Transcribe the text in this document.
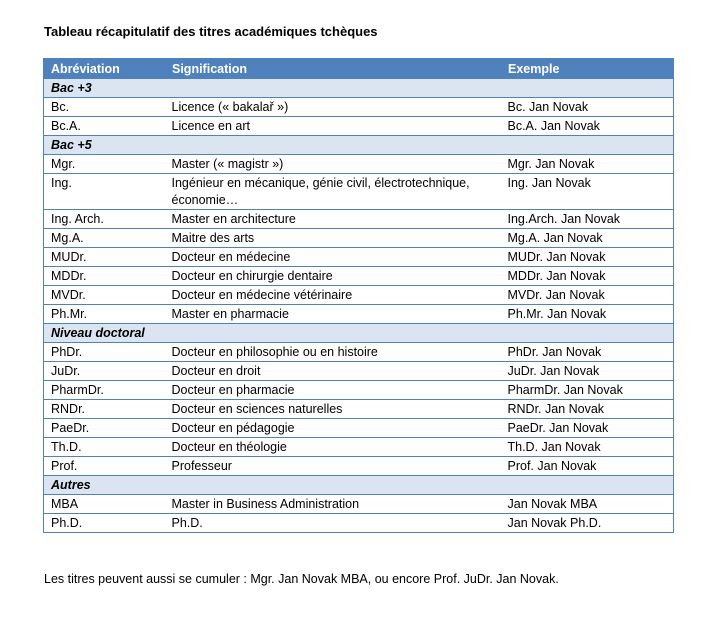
Tableau récapitulatif des titres académiques tchèques
Abréviation	Signification	Exemple
Bac +3		
Bc.	Licence (« bakalař »)	Bc. Jan Novak
Bc.A.	Licence en art	Bc.A. Jan Novak
Bac +5		
Mgr.	Master (« magistr »)	Mgr. Jan Novak
Ing.	Ingénieur en mécanique, génie civil, électrotechnique, économie…	Ing. Jan Novak
Ing. Arch.	Master en architecture	Ing.Arch. Jan Novak
Mg.A.	Maitre des arts	Mg.A. Jan Novak
MUDr.	Docteur en médecine	MUDr. Jan Novak
MDDr.	Docteur en chirurgie dentaire	MDDr. Jan Novak
MVDr.	Docteur en médecine vétérinaire	MVDr. Jan Novak
Ph.Mr.	Master en pharmacie	Ph.Mr. Jan Novak
Niveau doctoral		
PhDr.	Docteur en philosophie ou en histoire	PhDr. Jan Novak
JuDr.	Docteur en droit	JuDr. Jan Novak
PharmDr.	Docteur en pharmacie	PharmDr. Jan Novak
RNDr.	Docteur en sciences naturelles	RNDr. Jan Novak
PaeDr.	Docteur en pédagogie	PaeDr. Jan Novak
Th.D.	Docteur en théologie	Th.D. Jan Novak
Prof.	Professeur	Prof. Jan Novak
Autres		
MBA	Master in Business Administration	Jan Novak MBA
Ph.D.	Ph.D.	Jan Novak Ph.D.
Les titres peuvent aussi se cumuler : Mgr. Jan Novak MBA, ou encore Prof. JuDr. Jan Novak.
